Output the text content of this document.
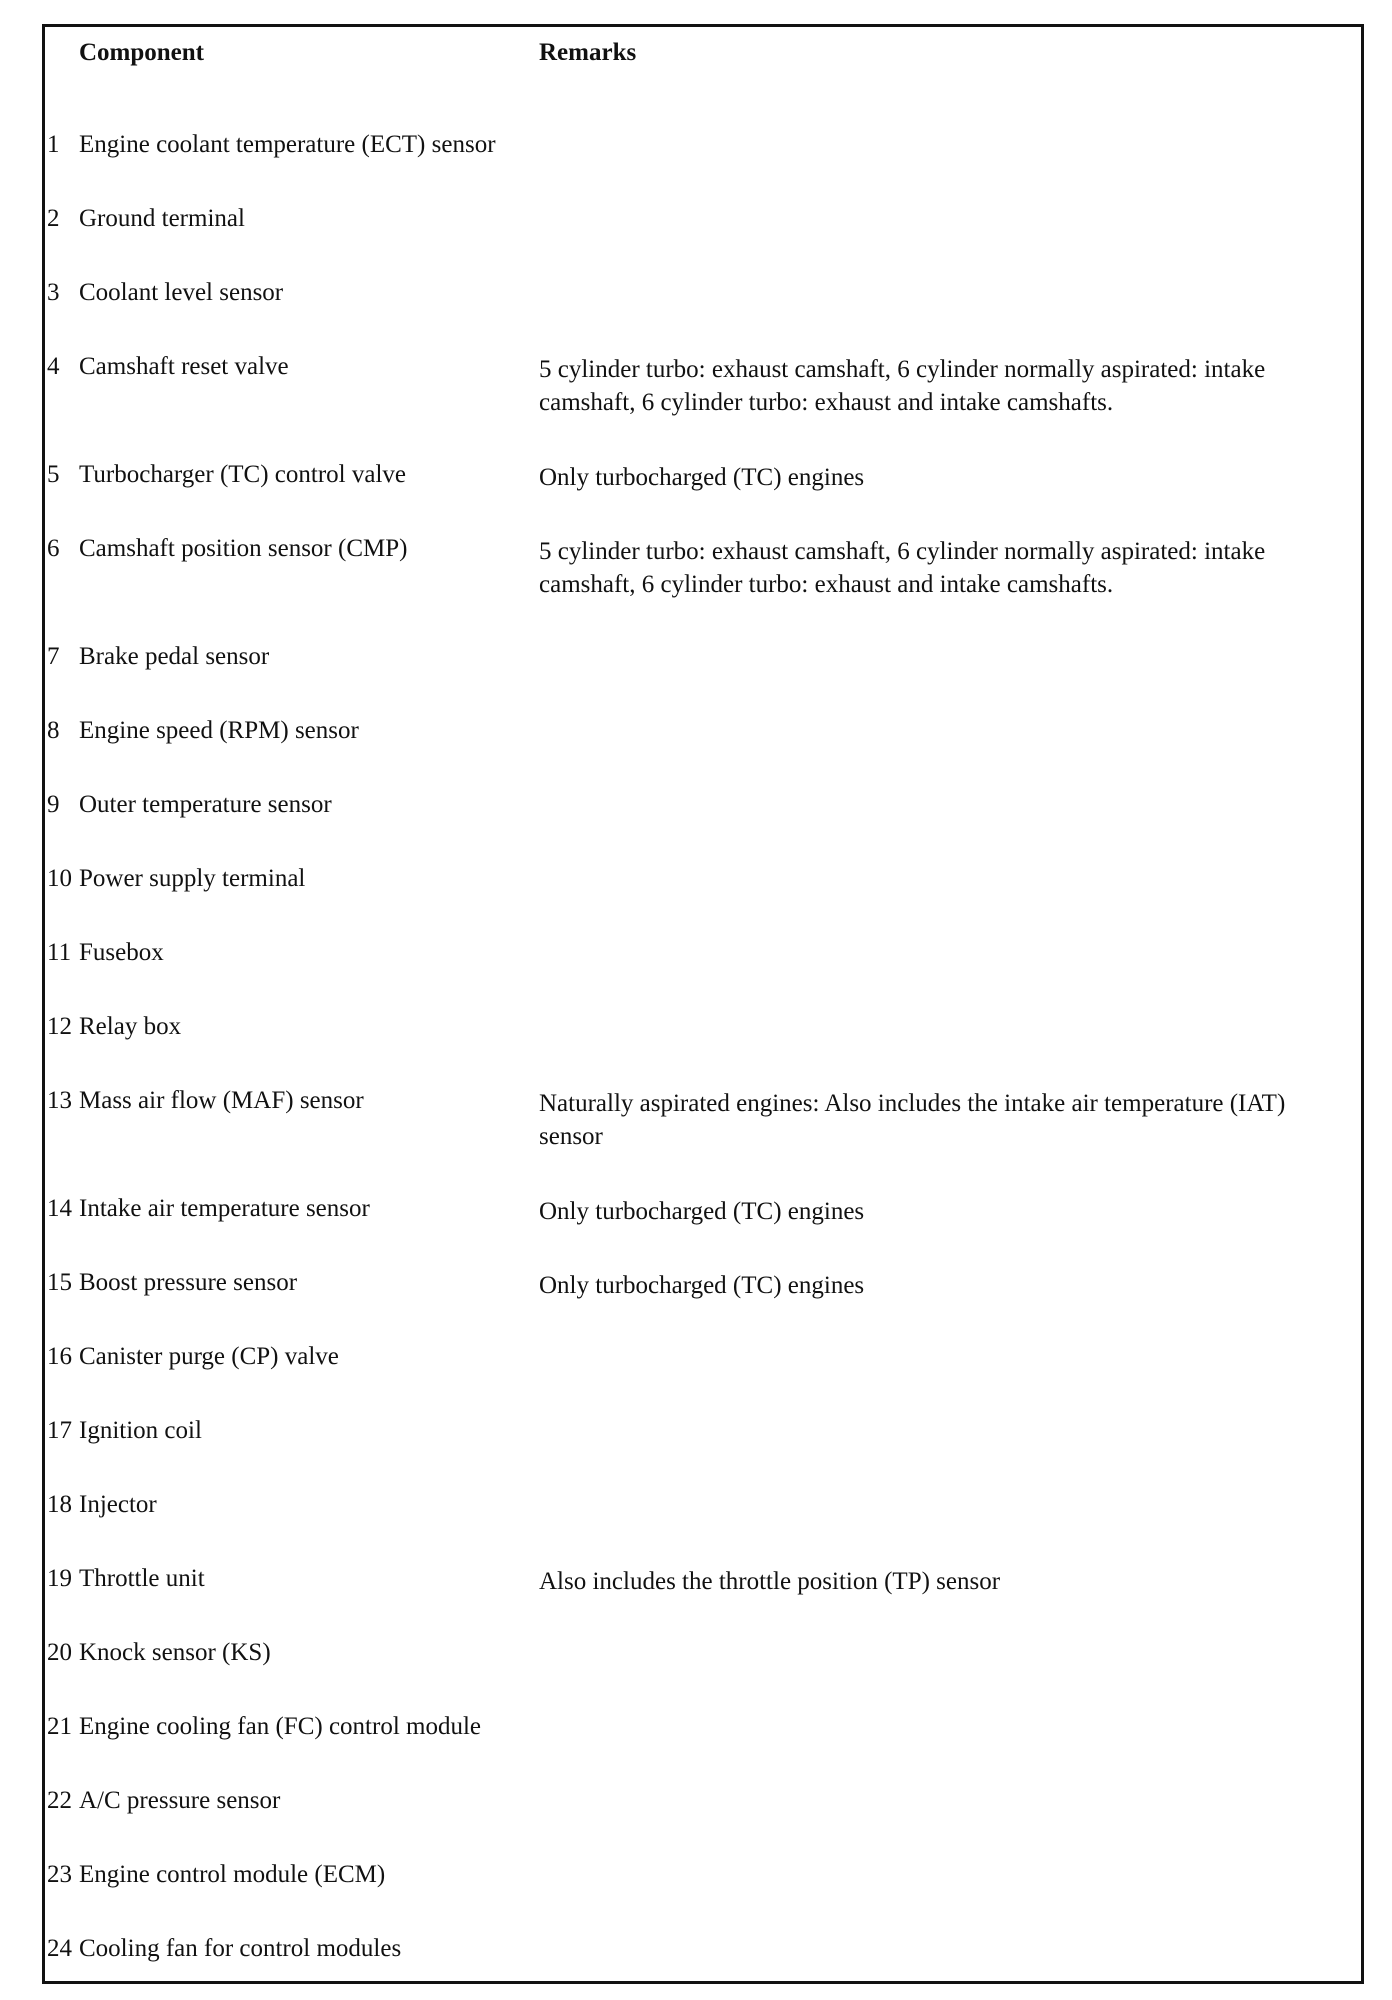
Component	Remarks
1 Engine coolant temperature (ECT) sensor
2 Ground terminal
3 Coolant level sensor
4 Camshaft reset valve	5 cylinder turbo: exhaust camshaft, 6 cylinder normally aspirated: intake camshaft, 6 cylinder turbo: exhaust and intake camshafts.
5 Turbocharger (TC) control valve	Only turbocharged (TC) engines
6 Camshaft position sensor (CMP)	5 cylinder turbo: exhaust camshaft, 6 cylinder normally aspirated: intake camshaft, 6 cylinder turbo: exhaust and intake camshafts.
7 Brake pedal sensor
8 Engine speed (RPM) sensor
9 Outer temperature sensor
10 Power supply terminal
11 Fusebox
12 Relay box
13 Mass air flow (MAF) sensor	Naturally aspirated engines: Also includes the intake air temperature (IAT) sensor
14 Intake air temperature sensor	Only turbocharged (TC) engines
15 Boost pressure sensor	Only turbocharged (TC) engines
16 Canister purge (CP) valve
17 Ignition coil
18 Injector
19 Throttle unit	Also includes the throttle position (TP) sensor
20 Knock sensor (KS)
21 Engine cooling fan (FC) control module
22 A/C pressure sensor
23 Engine control module (ECM)
24 Cooling fan for control modules
